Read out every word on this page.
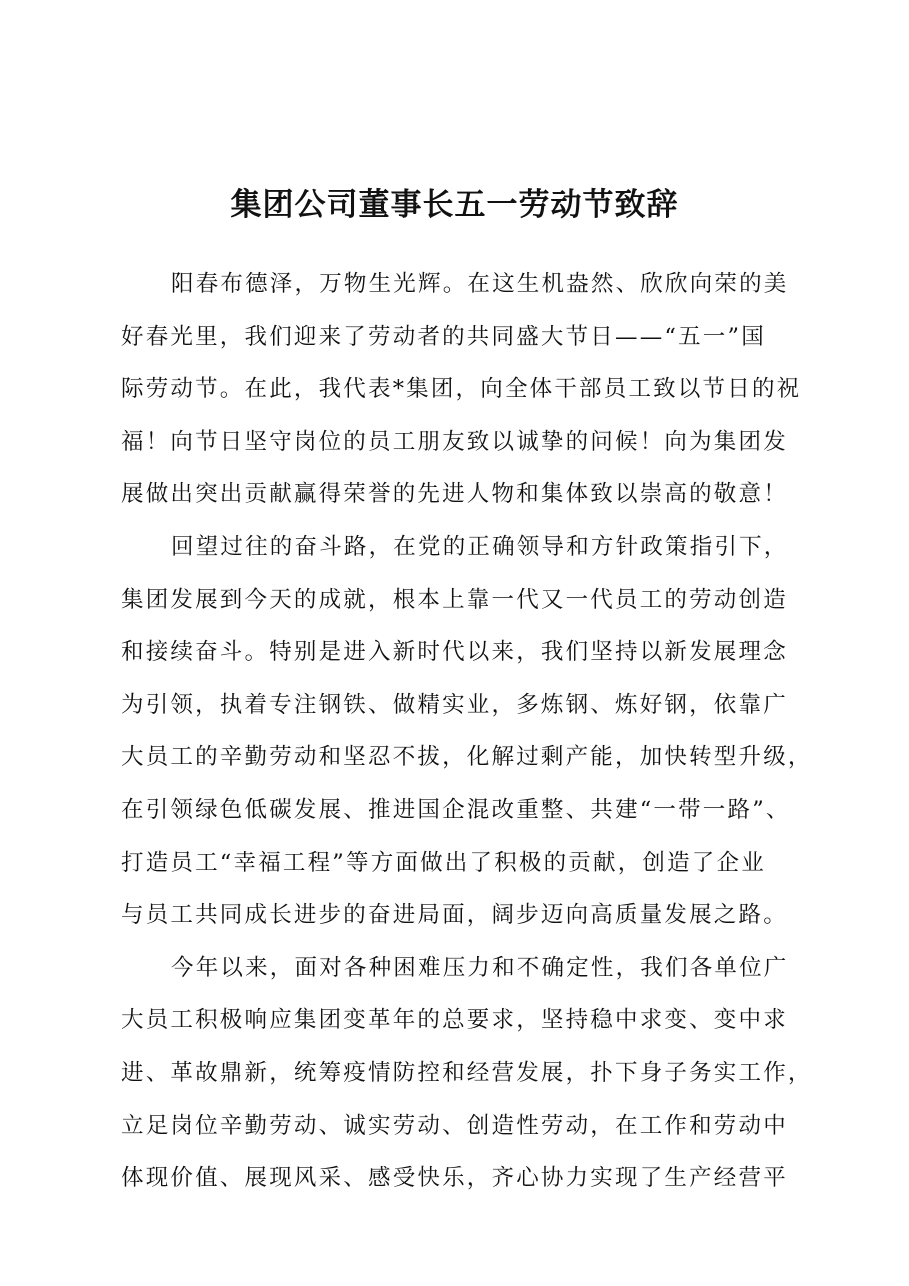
集团公司董事长五一劳动节致辞

阳春布德泽，万物生光辉。在这生机盎然、欣欣向荣的美
好春光里，我们迎来了劳动者的共同盛大节日——“五一”国
际劳动节。在此，我代表*集团，向全体干部员工致以节日的祝
福！向节日坚守岗位的员工朋友致以诚挚的问候！向为集团发
展做出突出贡献赢得荣誉的先进人物和集体致以崇高的敬意！

回望过往的奋斗路，在党的正确领导和方针政策指引下，
集团发展到今天的成就，根本上靠一代又一代员工的劳动创造
和接续奋斗。特别是进入新时代以来，我们坚持以新发展理念
为引领，执着专注钢铁、做精实业，多炼钢、炼好钢，依靠广
大员工的辛勤劳动和坚忍不拔，化解过剩产能，加快转型升级，
在引领绿色低碳发展、推进国企混改重整、共建“一带一路”、
打造员工“幸福工程”等方面做出了积极的贡献，创造了企业
与员工共同成长进步的奋进局面，阔步迈向高质量发展之路。

今年以来，面对各种困难压力和不确定性，我们各单位广
大员工积极响应集团变革年的总要求，坚持稳中求变、变中求
进、革故鼎新，统筹疫情防控和经营发展，扑下身子务实工作，
立足岗位辛勤劳动、诚实劳动、创造性劳动，在工作和劳动中
体现价值、展现风采、感受快乐，齐心协力实现了生产经营平
